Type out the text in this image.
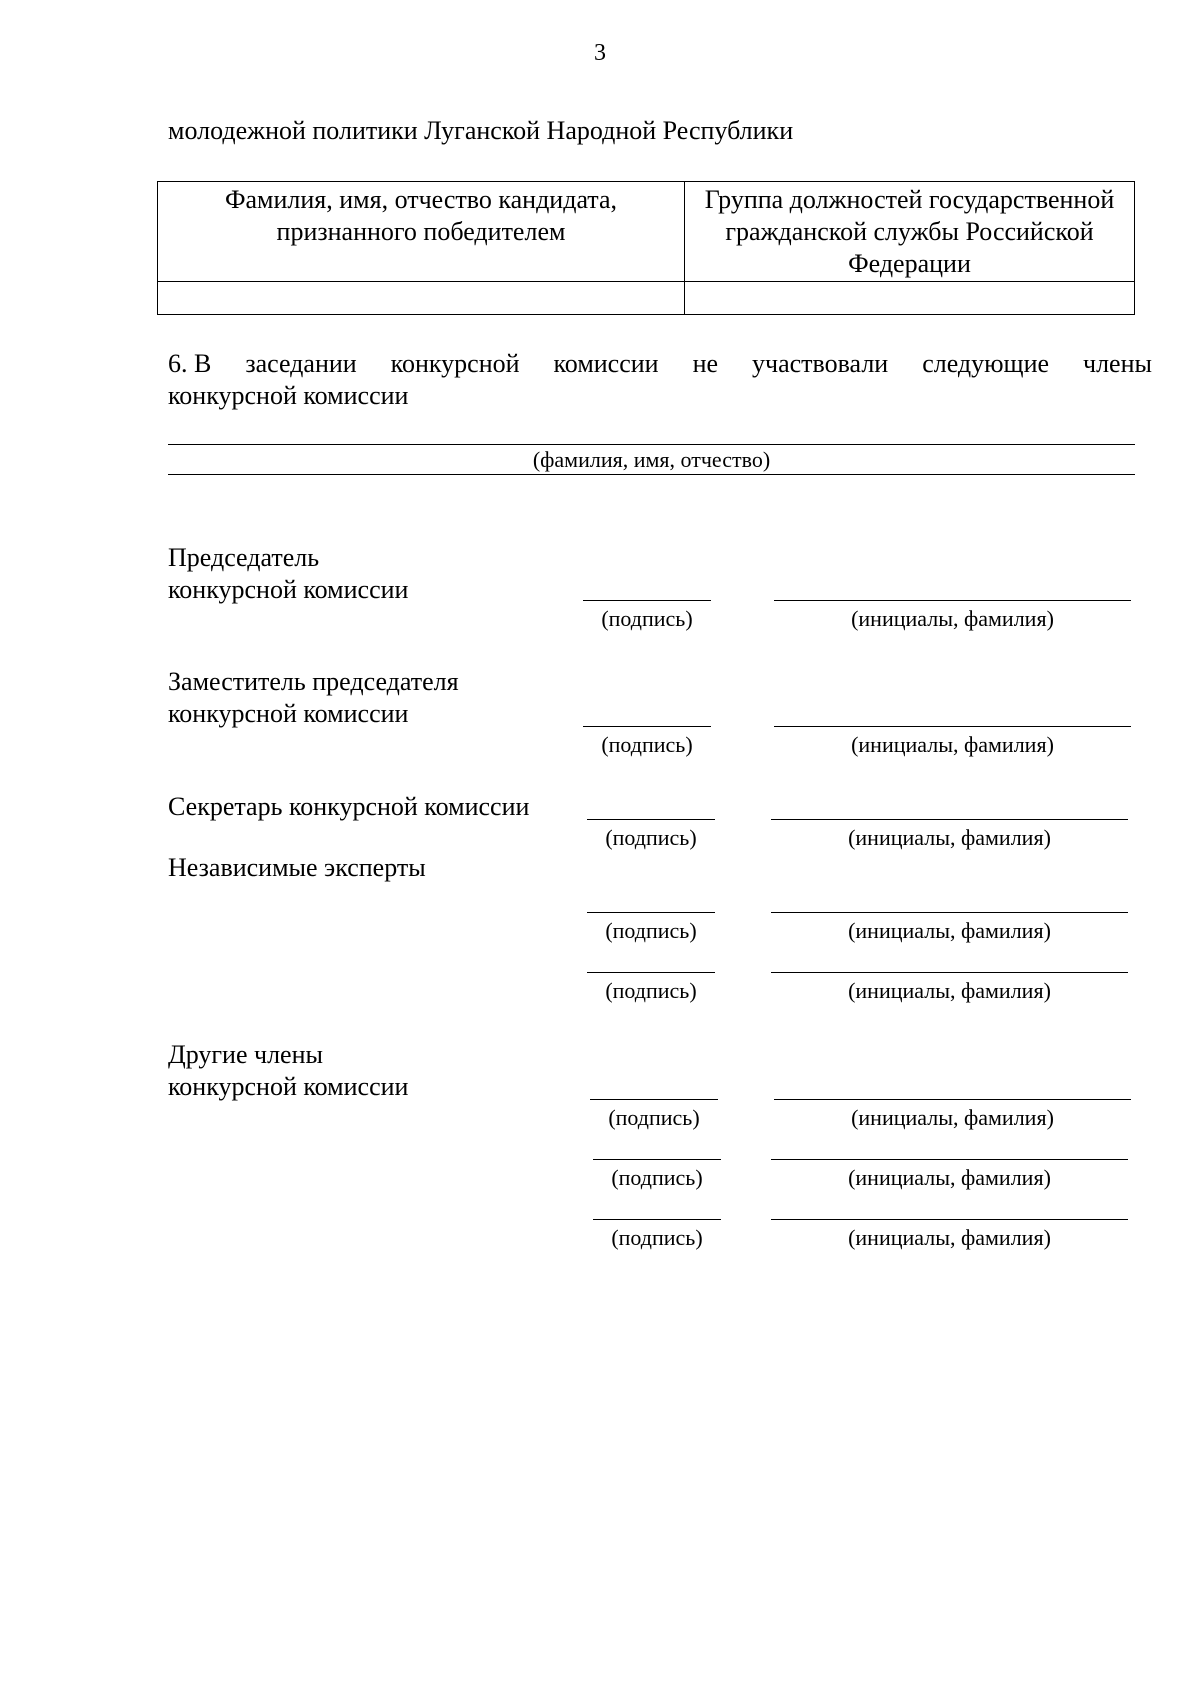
3
молодежной политики Луганской Народной Республики
Фамилия, имя, отчество кандидата, признанного победителем	Группа должностей государственной гражданской службы Российской Федерации

6. В заседании конкурсной комиссии не участвовали следующие члены
конкурсной комиссии
(фамилия, имя, отчество)
Председатель
конкурсной комиссии
(подпись)	(инициалы, фамилия)
Заместитель председателя
конкурсной комиссии
(подпись)	(инициалы, фамилия)
Секретарь конкурсной комиссии
(подпись)	(инициалы, фамилия)
Независимые эксперты
(подпись)	(инициалы, фамилия)
(подпись)	(инициалы, фамилия)
Другие члены
конкурсной комиссии
(подпись)	(инициалы, фамилия)
(подпись)	(инициалы, фамилия)
(подпись)	(инициалы, фамилия)
